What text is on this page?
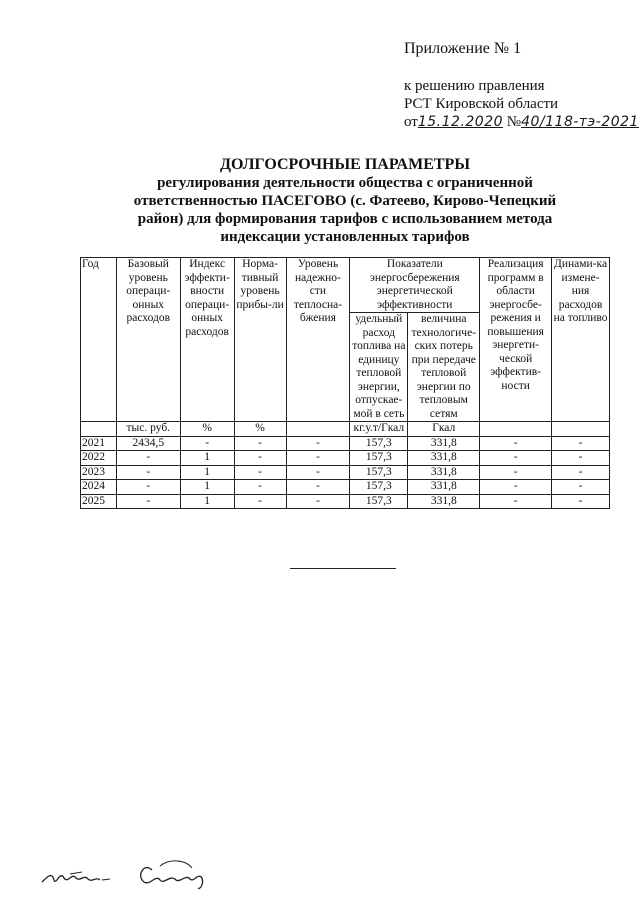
Приложение № 1
к решению правления
РСТ Кировской области
от15.12.2020 №40/118-тэ-2021
ДОЛГОСРОЧНЫЕ ПАРАМЕТРЫ
регулирования деятельности общества с ограниченной
ответственностью ПАСЕГОВО (с. Фатеево, Кирово-Чепецкий
район) для формирования тарифов с использованием метода
индексации установленных тарифов
Год	Базовый уровень операци-онных расходов	Индекс эффекти-вности операци-онных расходов	Норма-тивный уровень прибы-ли	Уровень надежно-сти теплосна-бжения	Показатели энергосбережения энергетической эффективности		Реализация программ в области энергосбе-режения и повышения энергети-ческой эффектив-ности	Динами-ка измене-ния расходов на топливо
					удельный расход топлива на единицу тепловой энергии, отпускае-мой в сеть	величина технологиче-ских потерь при передаче тепловой энергии по тепловым сетям		
	тыс. руб.	%	%		кг.у.т/Гкал	Гкал		
2021	2434,5	-	-	-	157,3	331,8	-	-
2022	-	1	-	-	157,3	331,8	-	-
2023	-	1	-	-	157,3	331,8	-	-
2024	-	1	-	-	157,3	331,8	-	-
2025	-	1	-	-	157,3	331,8	-	-
